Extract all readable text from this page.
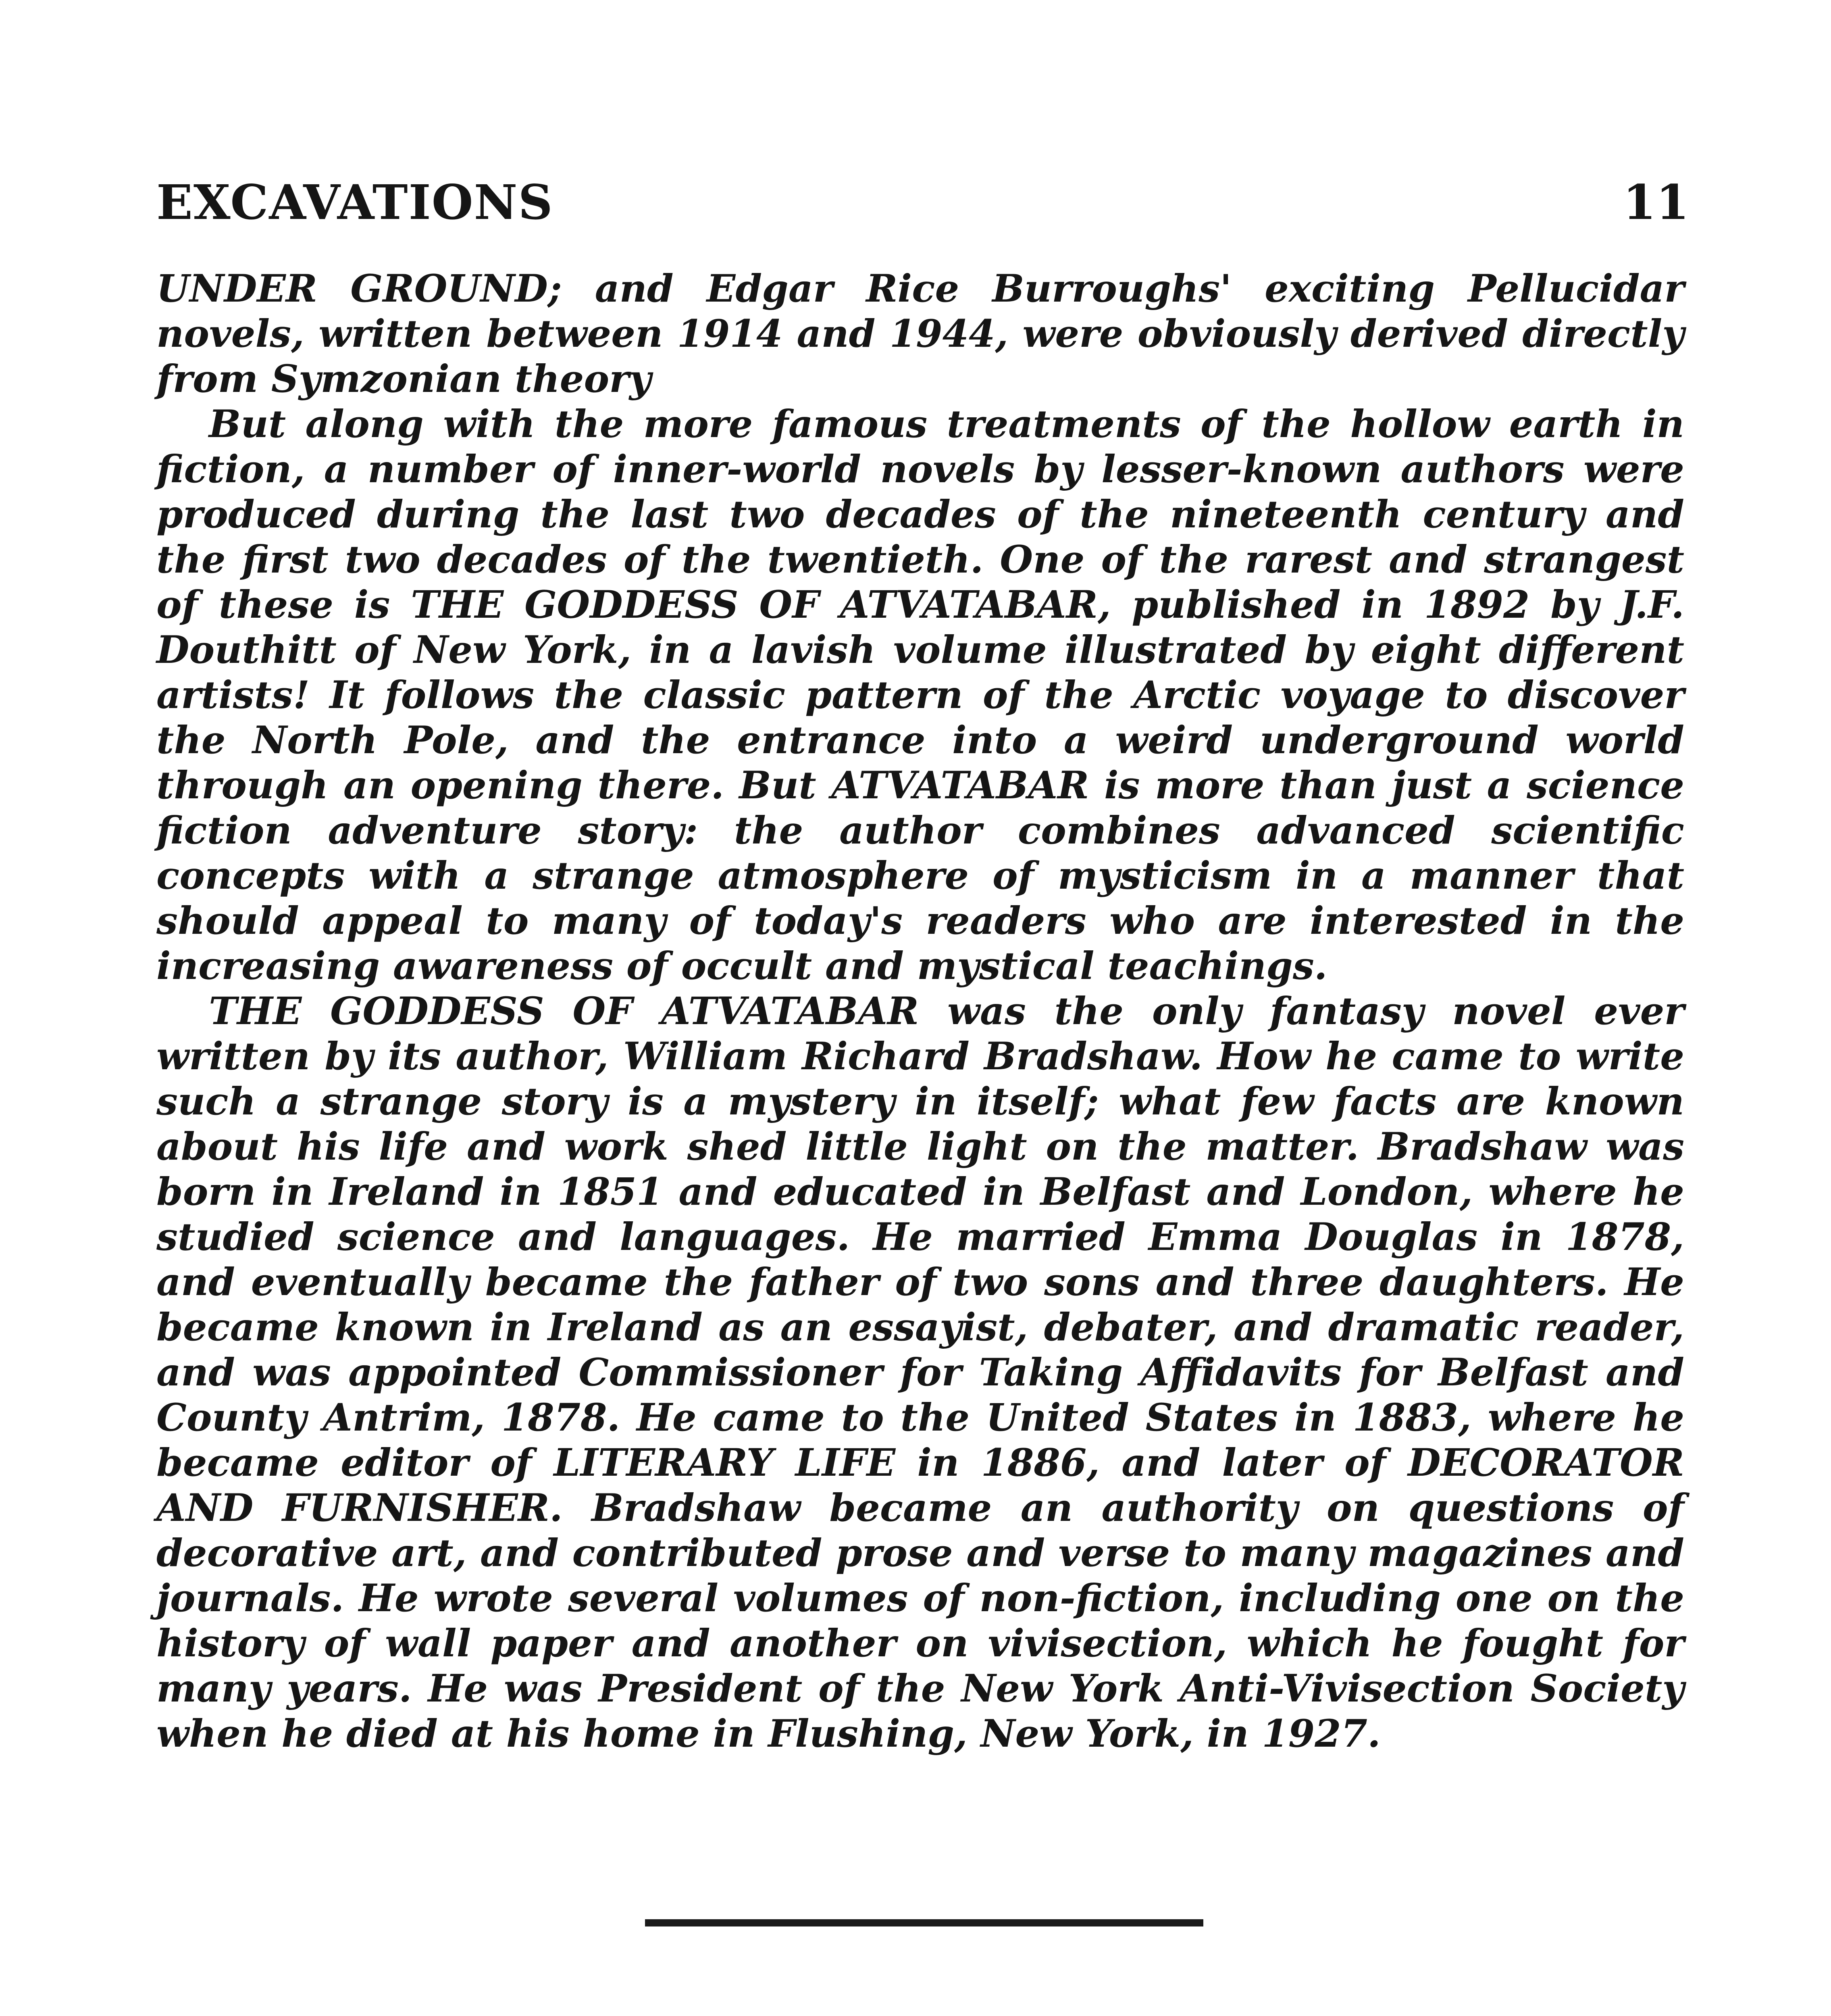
EXCAVATIONS	11

UNDER GROUND; and Edgar Rice Burroughs' exciting Pellucidar novels, written between 1914 and 1944, were obviously derived directly from Symzonian theory

But along with the more famous treatments of the hollow earth in fiction, a number of inner-world novels by lesser-known authors were produced during the last two decades of the nineteenth century and the first two decades of the twentieth. One of the rarest and strangest of these is THE GODDESS OF ATVATABAR, published in 1892 by J.F. Douthitt of New York, in a lavish volume illustrated by eight different artists! It follows the classic pattern of the Arctic voyage to discover the North Pole, and the entrance into a weird underground world through an opening there. But ATVATABAR is more than just a science fiction adventure story: the author combines advanced scientific concepts with a strange atmosphere of mysticism in a manner that should appeal to many of today's readers who are interested in the increasing awareness of occult and mystical teachings.

THE GODDESS OF ATVATABAR was the only fantasy novel ever written by its author, William Richard Bradshaw. How he came to write such a strange story is a mystery in itself; what few facts are known about his life and work shed little light on the matter. Bradshaw was born in Ireland in 1851 and educated in Belfast and London, where he studied science and languages. He married Emma Douglas in 1878, and eventually became the father of two sons and three daughters. He became known in Ireland as an essayist, debater, and dramatic reader, and was appointed Commissioner for Taking Affidavits for Belfast and County Antrim, 1878. He came to the United States in 1883, where he became editor of LITERARY LIFE in 1886, and later of DECORATOR AND FURNISHER. Bradshaw became an authority on questions of decorative art, and contributed prose and verse to many magazines and journals. He wrote several volumes of non-fiction, including one on the history of wall paper and another on vivisection, which he fought for many years. He was President of the New York Anti-Vivisection Society when he died at his home in Flushing, New York, in 1927.
